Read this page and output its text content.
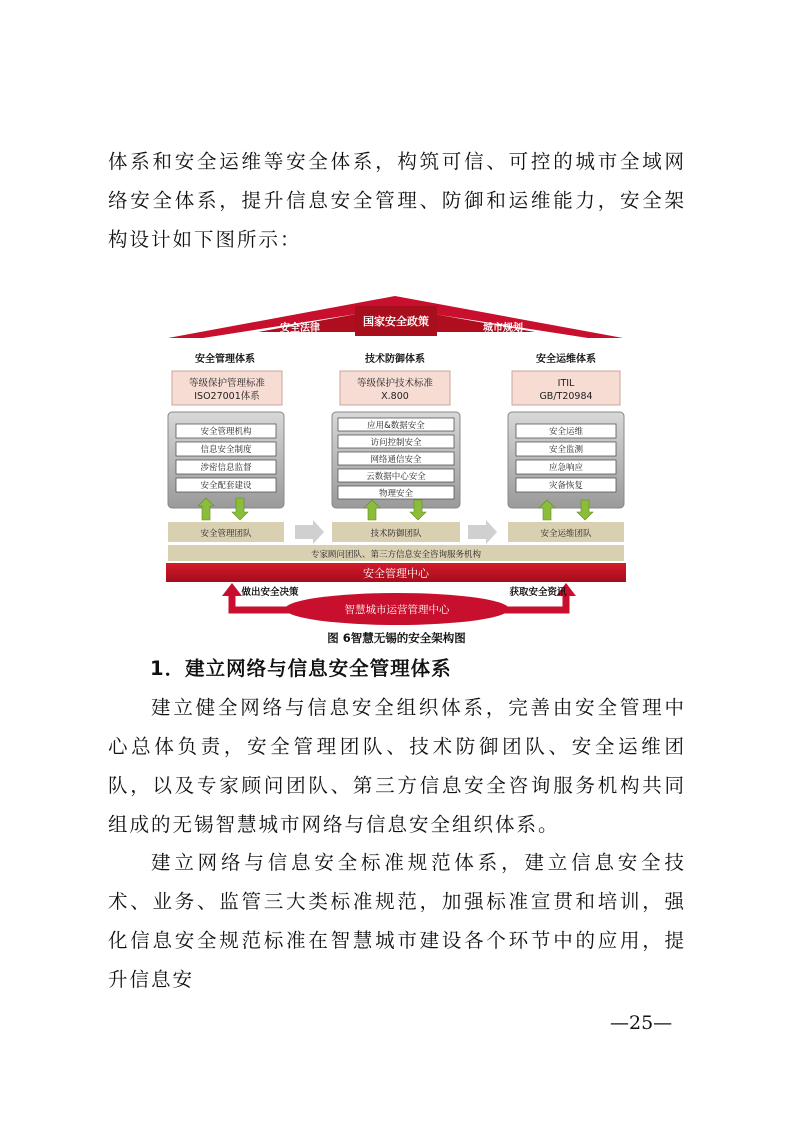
体系和安全运维等安全体系，构筑可信、可控的城市全域网络安全体系，提升信息安全管理、防御和运维能力，安全架构设计如下图所示：

国家安全政策
安全法律	城市规划
安全管理体系
等级保护管理标准
ISO27001体系
安全管理机构
信息安全制度
涉密信息监督
安全配套建设
安全管理团队
技术防御体系
等级保护技术标准
X.800
应用&数据安全
访问控制安全
网络通信安全
云数据中心安全
物理安全
技术防御团队
安全运维体系
ITIL
GB/T20984
安全运维
安全监测
应急响应
灾备恢复
安全运维团队
专家顾问团队、第三方信息安全咨询服务机构
安全管理中心
做出安全决策	获取安全资讯
智慧城市运营管理中心
图 6智慧无锡的安全架构图
1．建立网络与信息安全管理体系

建立健全网络与信息安全组织体系，完善由安全管理中心总体负责，安全管理团队、技术防御团队、安全运维团队，以及专家顾问团队、第三方信息安全咨询服务机构共同组成的无锡智慧城市网络与信息安全组织体系。

建立网络与信息安全标准规范体系，建立信息安全技术、业务、监管三大类标准规范，加强标准宣贯和培训，强化信息安全规范标准在智慧城市建设各个环节中的应用，提升信息安

—25—
